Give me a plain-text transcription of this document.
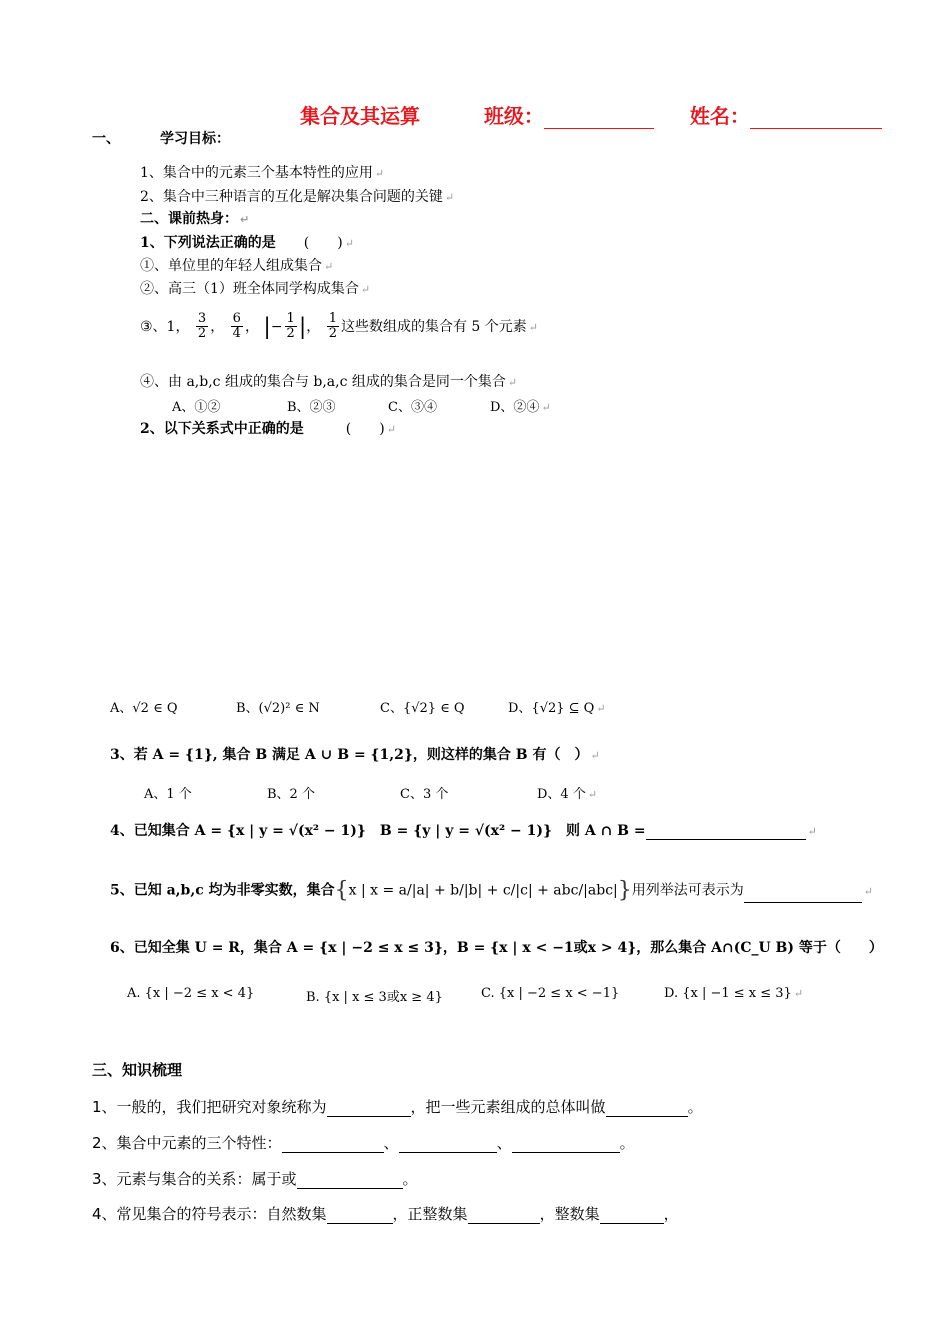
集合及其运算	班级：	姓名：
一、	学习目标：
1、集合中的元素三个基本特性的应用 ↵
2、集合中三种语言的互化是解决集合问题的关键 ↵
二、课前热身： ↵
1、下列说法正确的是　　 (　　) ↵
①、单位里的年轻人组成集合 ↵
②、高三（1）班全体同学构成集合 ↵
③、1， $\frac{3}{2}$ ， $\frac{6}{4}$ ， |− $\frac{1}{2}$ |， $\frac{1}{2}$ 这些数组成的集合有 5 个元素 ↵
④、由 a,b,c 组成的集合与 b,a,c 组成的集合是同一个集合 ↵
A、①②	B、②③	C、③④	D、②④ ↵
2、以下关系式中正确的是　　　	(　　) ↵
A、√2 ∈ Q	B、(√2)² ∈ N	C、{√2} ∈ Q	D、{√2} ⊆ Q ↵
3、若 A = {1}, 集合 B 满足 A ∪ B = {1,2}，则这样的集合 B 有（　） ↵
A、1 个	B、2 个	C、3 个	D、4 个 ↵
4、已知集合 A = {x | y = √(x² − 1)}　B = {y | y = √(x² − 1)}　则 A ∩ B =	↵
5、已知 a,b,c 均为非零实数，集合{x | x = a/|a| + b/|b| + c/|c| + abc/|abc|}用列举法可表示为	↵
6、已知全集 U = R，集合 A = {x | −2 ≤ x ≤ 3}，B = {x | x < −1或x > 4}，那么集合 A∩(C_U B) 等于（　　）
A. {x | −2 ≤ x < 4}	B. {x | x ≤ 3或x ≥ 4}	C. {x | −2 ≤ x < −1}	D. {x | −1 ≤ x ≤ 3} ↵
三、知识梳理
1、一般的，我们把研究对象统称为	，把一些元素组成的总体叫做	。
2、集合中元素的三个特性：	、	、	。
3、元素与集合的关系：属于或	。
4、常见集合的符号表示：自然数集	，正整数集	，整数集	，
